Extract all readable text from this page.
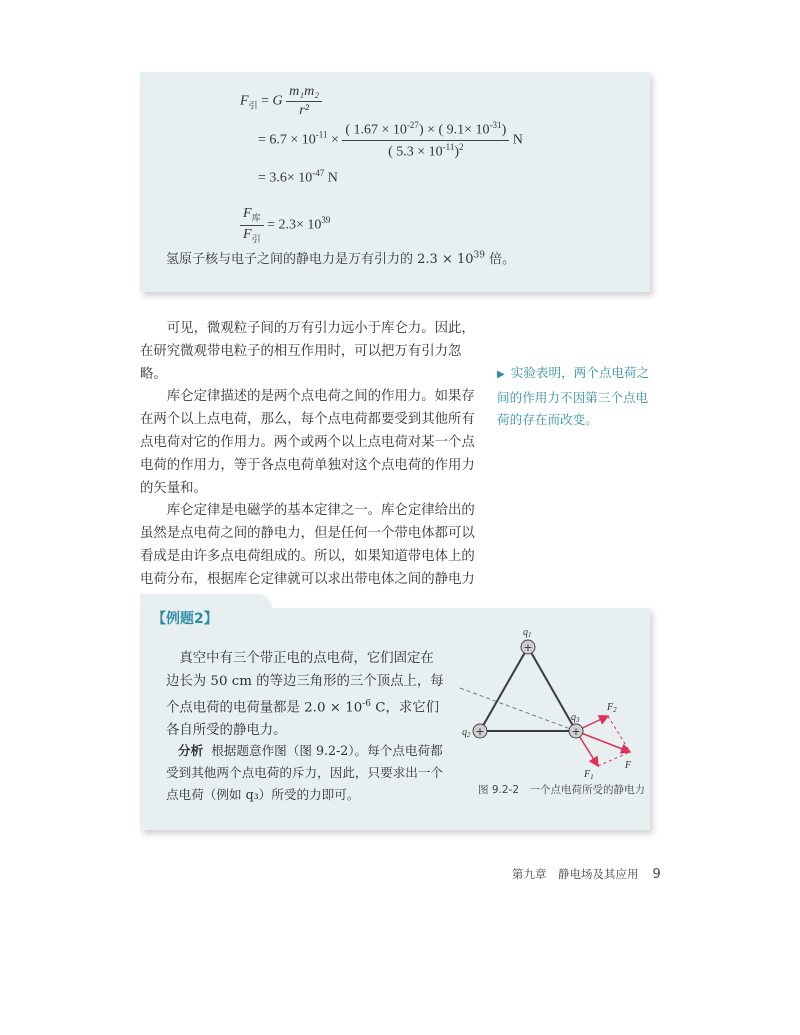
$F_引 = G \frac{\text{m₁m₂}}{\text{r²}}$
= $6.7 \times 10^{-11} \times \frac{( 1.67 \times 10^{-27}) \times ( 9.1\times 10^{-31})}{( 5.3 \times 10^{-11})^2}$ N
= $3.6\times 10^{-47}$ N
$\frac{F_库}{F_引} = 2.3\times 10^{39}$
氢原子核与电子之间的静电力是万有引力的 $2.3 \times 10^{39}$ 倍。

可见，微观粒子间的万有引力远小于库仑力。因此，在研究微观带电粒子的相互作用时，可以把万有引力忽略。

库仑定律描述的是两个点电荷之间的作用力。如果存在两个以上点电荷，那么，每个点电荷都要受到其他所有点电荷对它的作用力。两个或两个以上点电荷对某一个点电荷的作用力，等于各点电荷单独对这个点电荷的作用力的矢量和。

库仑定律是电磁学的基本定律之一。库仑定律给出的虽然是点电荷之间的静电力，但是任何一个带电体都可以看成是由许多点电荷组成的。所以，如果知道带电体上的电荷分布，根据库仑定律就可以求出带电体之间的静电力

▶ 实验表明，两个点电荷之间的作用力不因第三个点电荷的存在而改变。
【例题2】

真空中有三个带正电的点电荷，它们固定在边长为 50 cm 的等边三角形的三个顶点上，每个点电荷的电荷量都是 $2.0 \times 10^{-6}$ C，求它们各自所受的静电力。

分析 根据题意作图（图 9.2-2）。每个点电荷都受到其他两个点电荷的斥力，因此，只要求出一个点电荷（例如 q₃）所受的力即可。
+
+	+
$q_1$
$q_2$
$q_3$
$F_2$
$F_1$
F
图 9.2-2　一个点电荷所受的静电力
第九章　静电场及其应用 9
